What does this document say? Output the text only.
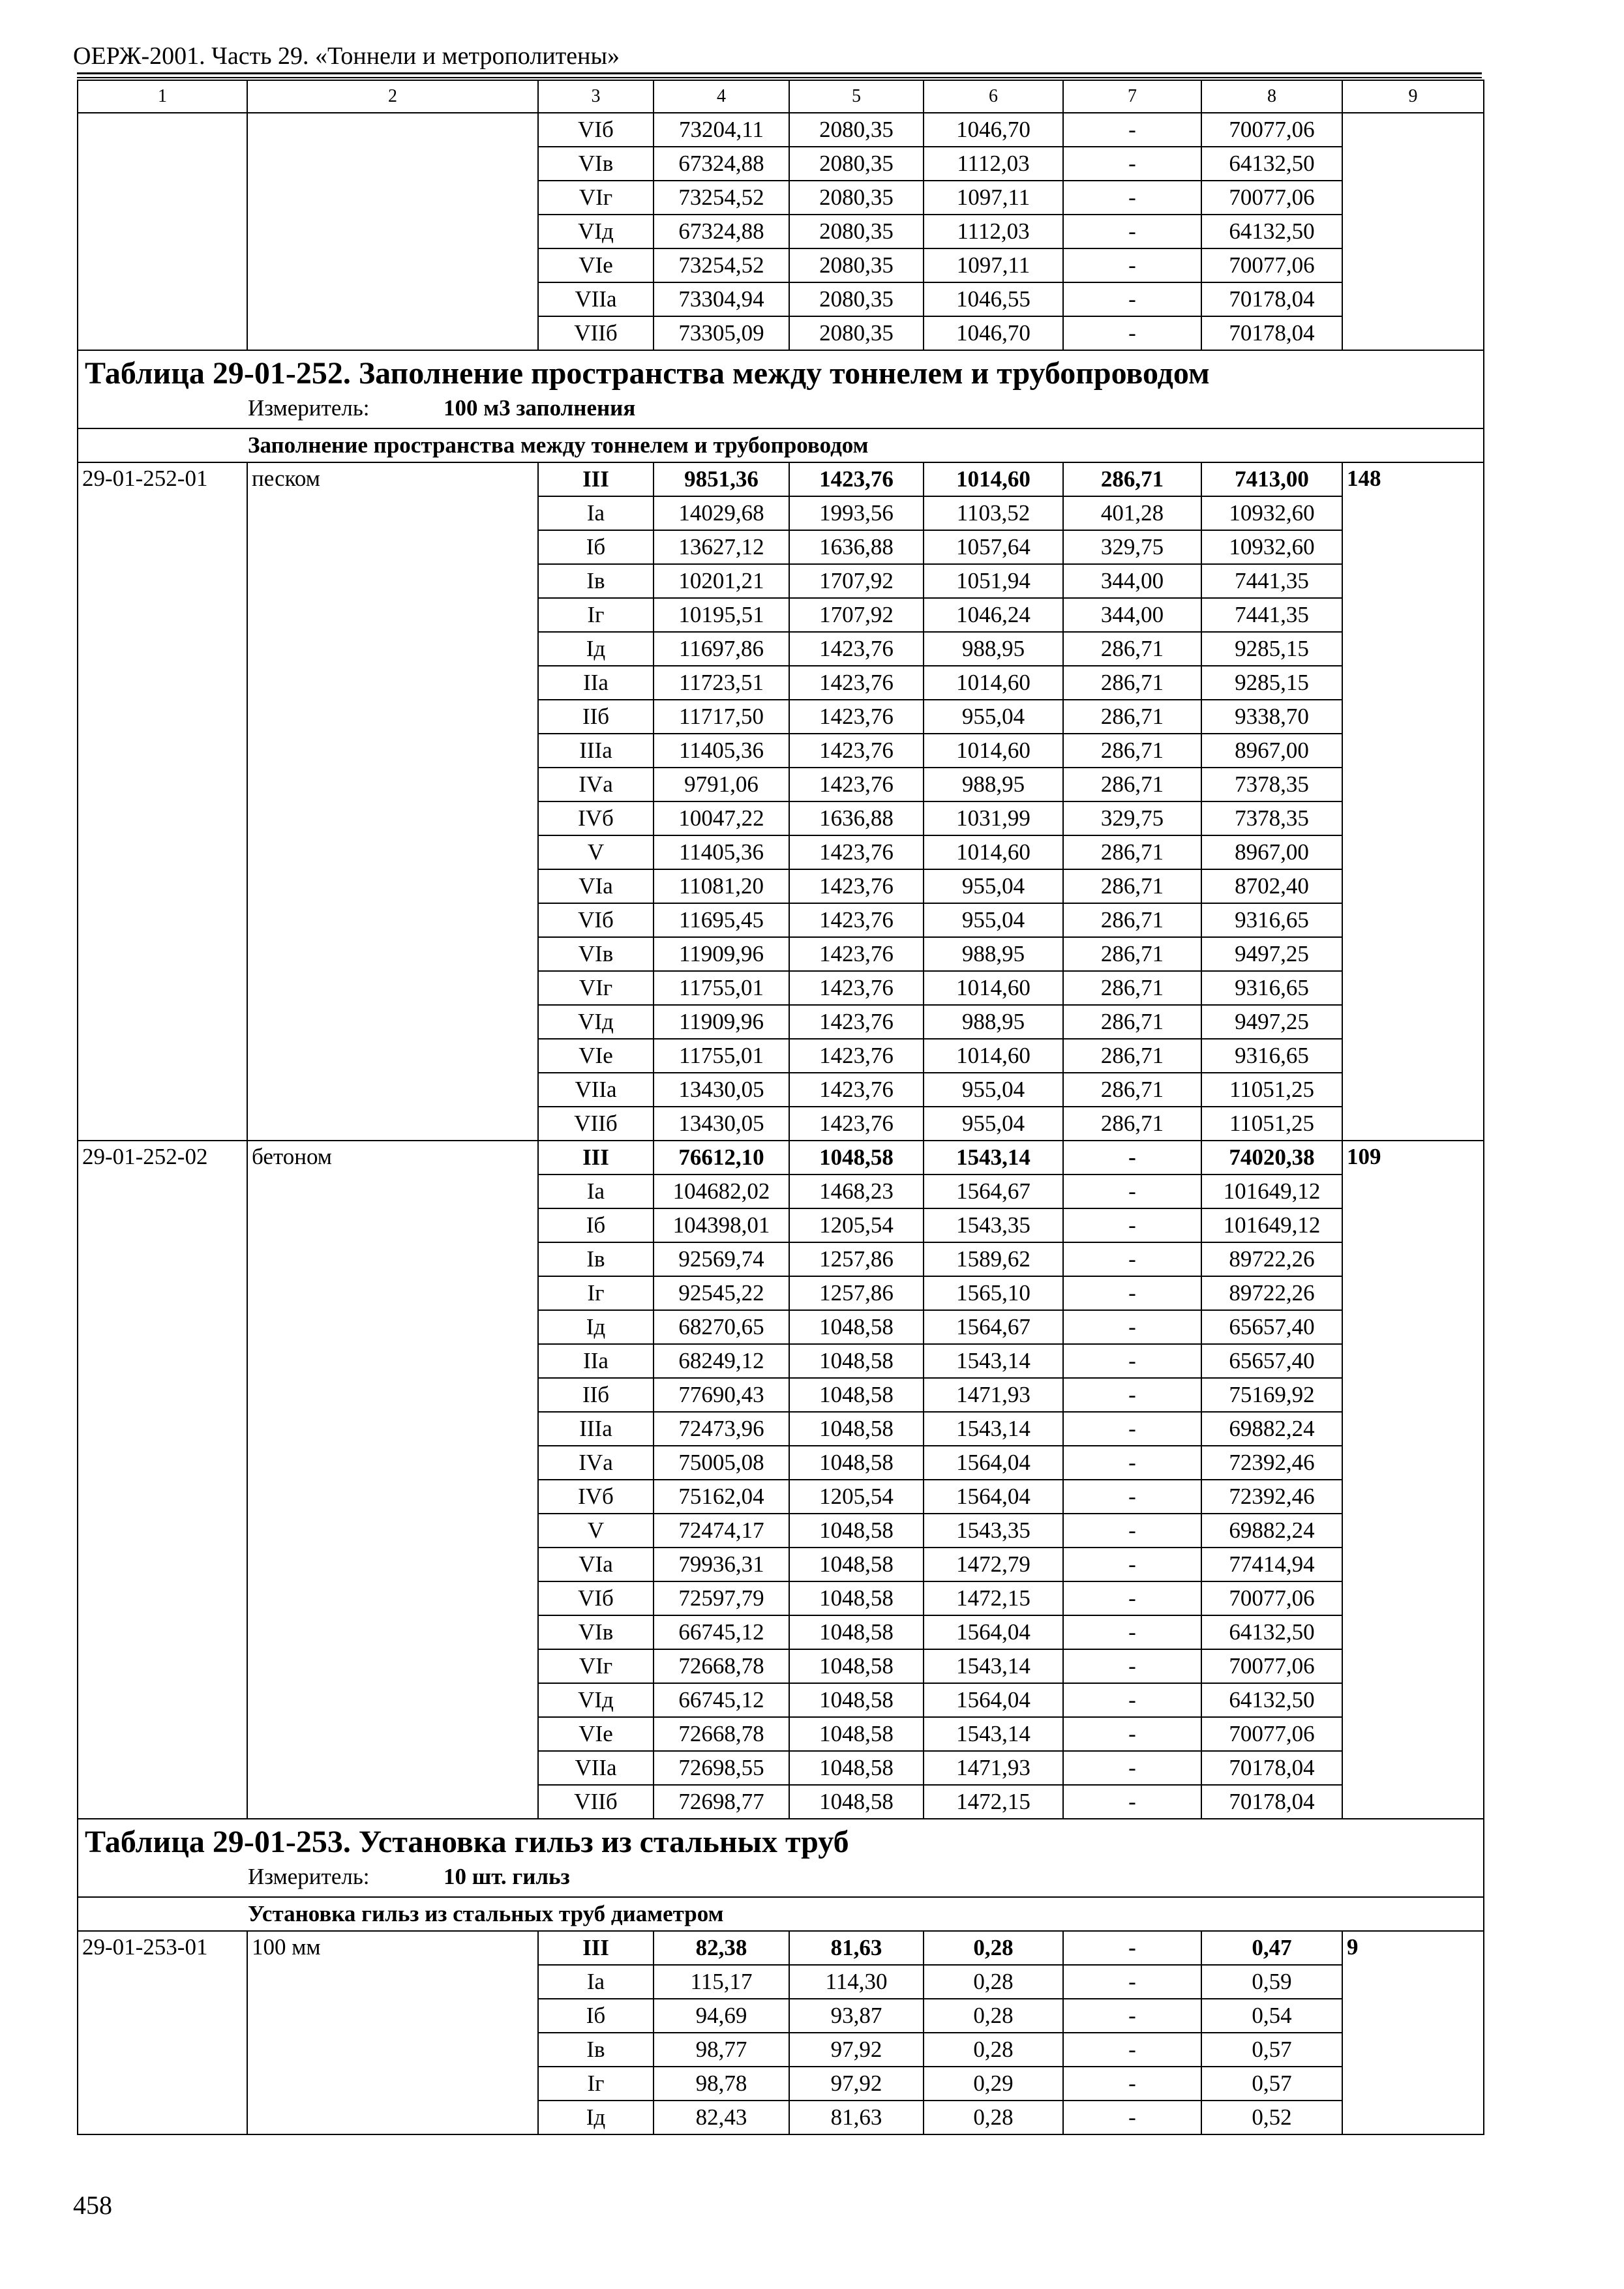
ОЕРЖ-2001. Часть 29. «Тоннели и метрополитены»
1	2	3	4	5	6	7	8	9
		VIб	73204,11	2080,35	1046,70	-	70077,06	
		VIв	67324,88	2080,35	1112,03	-	64132,50	
		VIг	73254,52	2080,35	1097,11	-	70077,06	
		VIд	67324,88	2080,35	1112,03	-	64132,50	
		VIе	73254,52	2080,35	1097,11	-	70077,06	
		VIIа	73304,94	2080,35	1046,55	-	70178,04	
		VIIб	73305,09	2080,35	1046,70	-	70178,04	

Таблица 29-01-252. Заполнение пространства между тоннелем и трубопроводом
Измеритель: 100 м3 заполнения								

Заполнение пространства между тоннелем и трубопроводом								
29-01-252-01	песком	III	9851,36	1423,76	1014,60	286,71	7413,00	148
		Iа	14029,68	1993,56	1103,52	401,28	10932,60	
		Iб	13627,12	1636,88	1057,64	329,75	10932,60	
		Iв	10201,21	1707,92	1051,94	344,00	7441,35	
		Iг	10195,51	1707,92	1046,24	344,00	7441,35	
		Iд	11697,86	1423,76	988,95	286,71	9285,15	
		IIа	11723,51	1423,76	1014,60	286,71	9285,15	
		IIб	11717,50	1423,76	955,04	286,71	9338,70	
		IIIа	11405,36	1423,76	1014,60	286,71	8967,00	
		IVа	9791,06	1423,76	988,95	286,71	7378,35	
		IVб	10047,22	1636,88	1031,99	329,75	7378,35	
		V	11405,36	1423,76	1014,60	286,71	8967,00	
		VIа	11081,20	1423,76	955,04	286,71	8702,40	
		VIб	11695,45	1423,76	955,04	286,71	9316,65	
		VIв	11909,96	1423,76	988,95	286,71	9497,25	
		VIг	11755,01	1423,76	1014,60	286,71	9316,65	
		VIд	11909,96	1423,76	988,95	286,71	9497,25	
		VIе	11755,01	1423,76	1014,60	286,71	9316,65	
		VIIа	13430,05	1423,76	955,04	286,71	11051,25	
		VIIб	13430,05	1423,76	955,04	286,71	11051,25	
29-01-252-02	бетоном	III	76612,10	1048,58	1543,14	-	74020,38	109
		Iа	104682,02	1468,23	1564,67	-	101649,12	
		Iб	104398,01	1205,54	1543,35	-	101649,12	
		Iв	92569,74	1257,86	1589,62	-	89722,26	
		Iг	92545,22	1257,86	1565,10	-	89722,26	
		Iд	68270,65	1048,58	1564,67	-	65657,40	
		IIа	68249,12	1048,58	1543,14	-	65657,40	
		IIб	77690,43	1048,58	1471,93	-	75169,92	
		IIIа	72473,96	1048,58	1543,14	-	69882,24	
		IVа	75005,08	1048,58	1564,04	-	72392,46	
		IVб	75162,04	1205,54	1564,04	-	72392,46	
		V	72474,17	1048,58	1543,35	-	69882,24	
		VIа	79936,31	1048,58	1472,79	-	77414,94	
		VIб	72597,79	1048,58	1472,15	-	70077,06	
		VIв	66745,12	1048,58	1564,04	-	64132,50	
		VIг	72668,78	1048,58	1543,14	-	70077,06	
		VIд	66745,12	1048,58	1564,04	-	64132,50	
		VIе	72668,78	1048,58	1543,14	-	70077,06	
		VIIа	72698,55	1048,58	1471,93	-	70178,04	
		VIIб	72698,77	1048,58	1472,15	-	70178,04	

Таблица 29-01-253. Установка гильз из стальных труб
Измеритель: 10 шт. гильз								

Установка гильз из стальных труб диаметром								
29-01-253-01	100 мм	III	82,38	81,63	0,28	-	0,47	9
		Iа	115,17	114,30	0,28	-	0,59	
		Iб	94,69	93,87	0,28	-	0,54	
		Iв	98,77	97,92	0,28	-	0,57	
		Iг	98,78	97,92	0,29	-	0,57	
		Iд	82,43	81,63	0,28	-	0,52	
458
